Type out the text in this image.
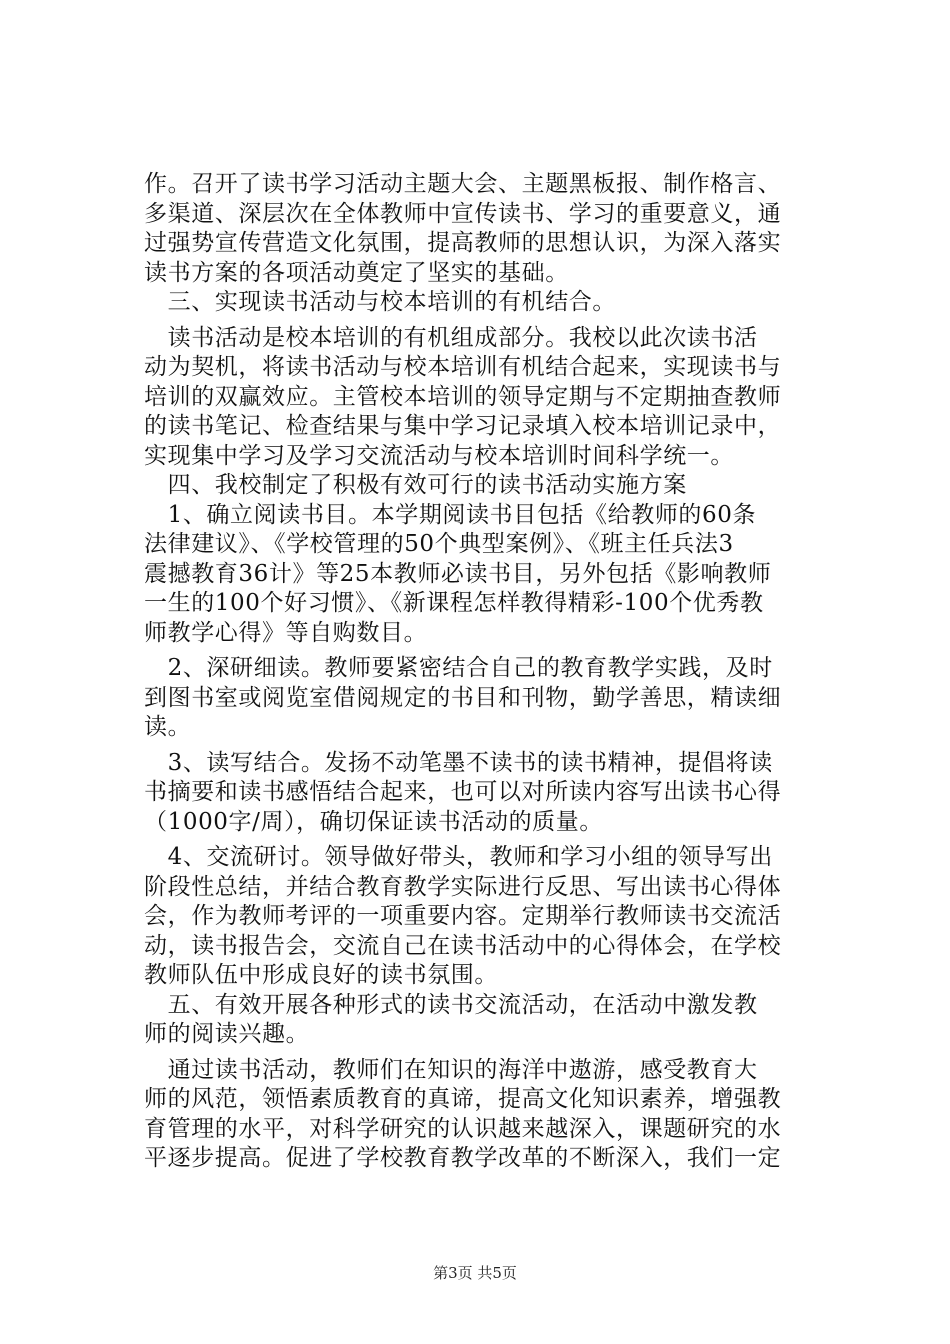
作。召开了读书学习活动主题大会、主题黑板报、制作格言、
多渠道、深层次在全体教师中宣传读书、学习的重要意义，通
过强势宣传营造文化氛围，提高教师的思想认识，为深入落实
读书方案的各项活动奠定了坚实的基础。
　三、实现读书活动与校本培训的有机结合。
　读书活动是校本培训的有机组成部分。我校以此次读书活
动为契机，将读书活动与校本培训有机结合起来，实现读书与
培训的双赢效应。主管校本培训的领导定期与不定期抽查教师
的读书笔记、检查结果与集中学习记录填入校本培训记录中，
实现集中学习及学习交流活动与校本培训时间科学统一。
　四、我校制定了积极有效可行的读书活动实施方案
　1、确立阅读书目。本学期阅读书目包括《给教师的60条
法律建议》、《学校管理的50个典型案例》、《班主任兵法3
震撼教育36计》等25本教师必读书目，另外包括《影响教师
一生的100个好习惯》、《新课程怎样教得精彩-100个优秀教
师教学心得》等自购数目。
　2、深研细读。教师要紧密结合自己的教育教学实践，及时
到图书室或阅览室借阅规定的书目和刊物，勤学善思，精读细
读。
　3、读写结合。发扬不动笔墨不读书的读书精神，提倡将读
书摘要和读书感悟结合起来，也可以对所读内容写出读书心得
（1000字/周），确切保证读书活动的质量。
　4、交流研讨。领导做好带头，教师和学习小组的领导写出
阶段性总结，并结合教育教学实际进行反思、写出读书心得体
会，作为教师考评的一项重要内容。定期举行教师读书交流活
动，读书报告会，交流自己在读书活动中的心得体会，在学校
教师队伍中形成良好的读书氛围。
　五、有效开展各种形式的读书交流活动，在活动中激发教
师的阅读兴趣。
　通过读书活动，教师们在知识的海洋中遨游，感受教育大
师的风范，领悟素质教育的真谛，提高文化知识素养，增强教
育管理的水平，对科学研究的认识越来越深入，课题研究的水
平逐步提高。促进了学校教育教学改革的不断深入，我们一定
第3页 共5页
